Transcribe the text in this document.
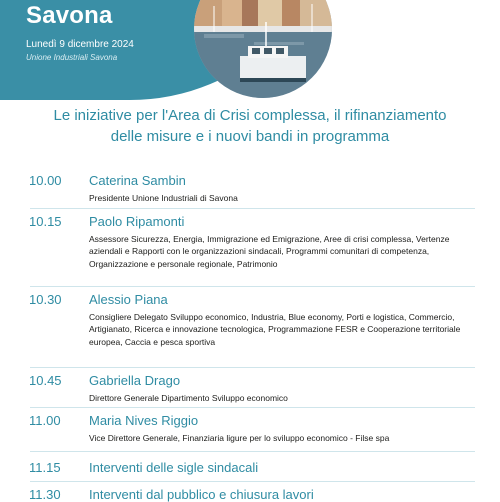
Savona
Lunedì 9 dicembre 2024
Unione Industriali Savona
Le iniziative per l'Area di Crisi complessa, il rifinanziamento
delle misure e i nuovi bandi in programma
10.00 Caterina Sambin
Presidente Unione Industriali di Savona
10.15 Paolo Ripamonti
Assessore Sicurezza, Energia, Immigrazione ed Emigrazione, Aree di crisi complessa, Vertenze aziendali e Rapporti con le organizzazioni sindacali, Programmi comunitari di competenza, Organizzazione e personale regionale, Patrimonio
10.30 Alessio Piana
Consigliere Delegato Sviluppo economico, Industria, Blue economy, Porti e logistica, Commercio, Artigianato, Ricerca e innovazione tecnologica, Programmazione FESR e Cooperazione territoriale europea, Caccia e pesca sportiva
10.45 Gabriella Drago
Direttore Generale Dipartimento Sviluppo economico
11.00 Maria Nives Riggio
Vice Direttore Generale, Finanziaria ligure per lo sviluppo economico - Filse spa
11.15 Interventi delle sigle sindacali
11.30 Interventi dal pubblico e chiusura lavori
